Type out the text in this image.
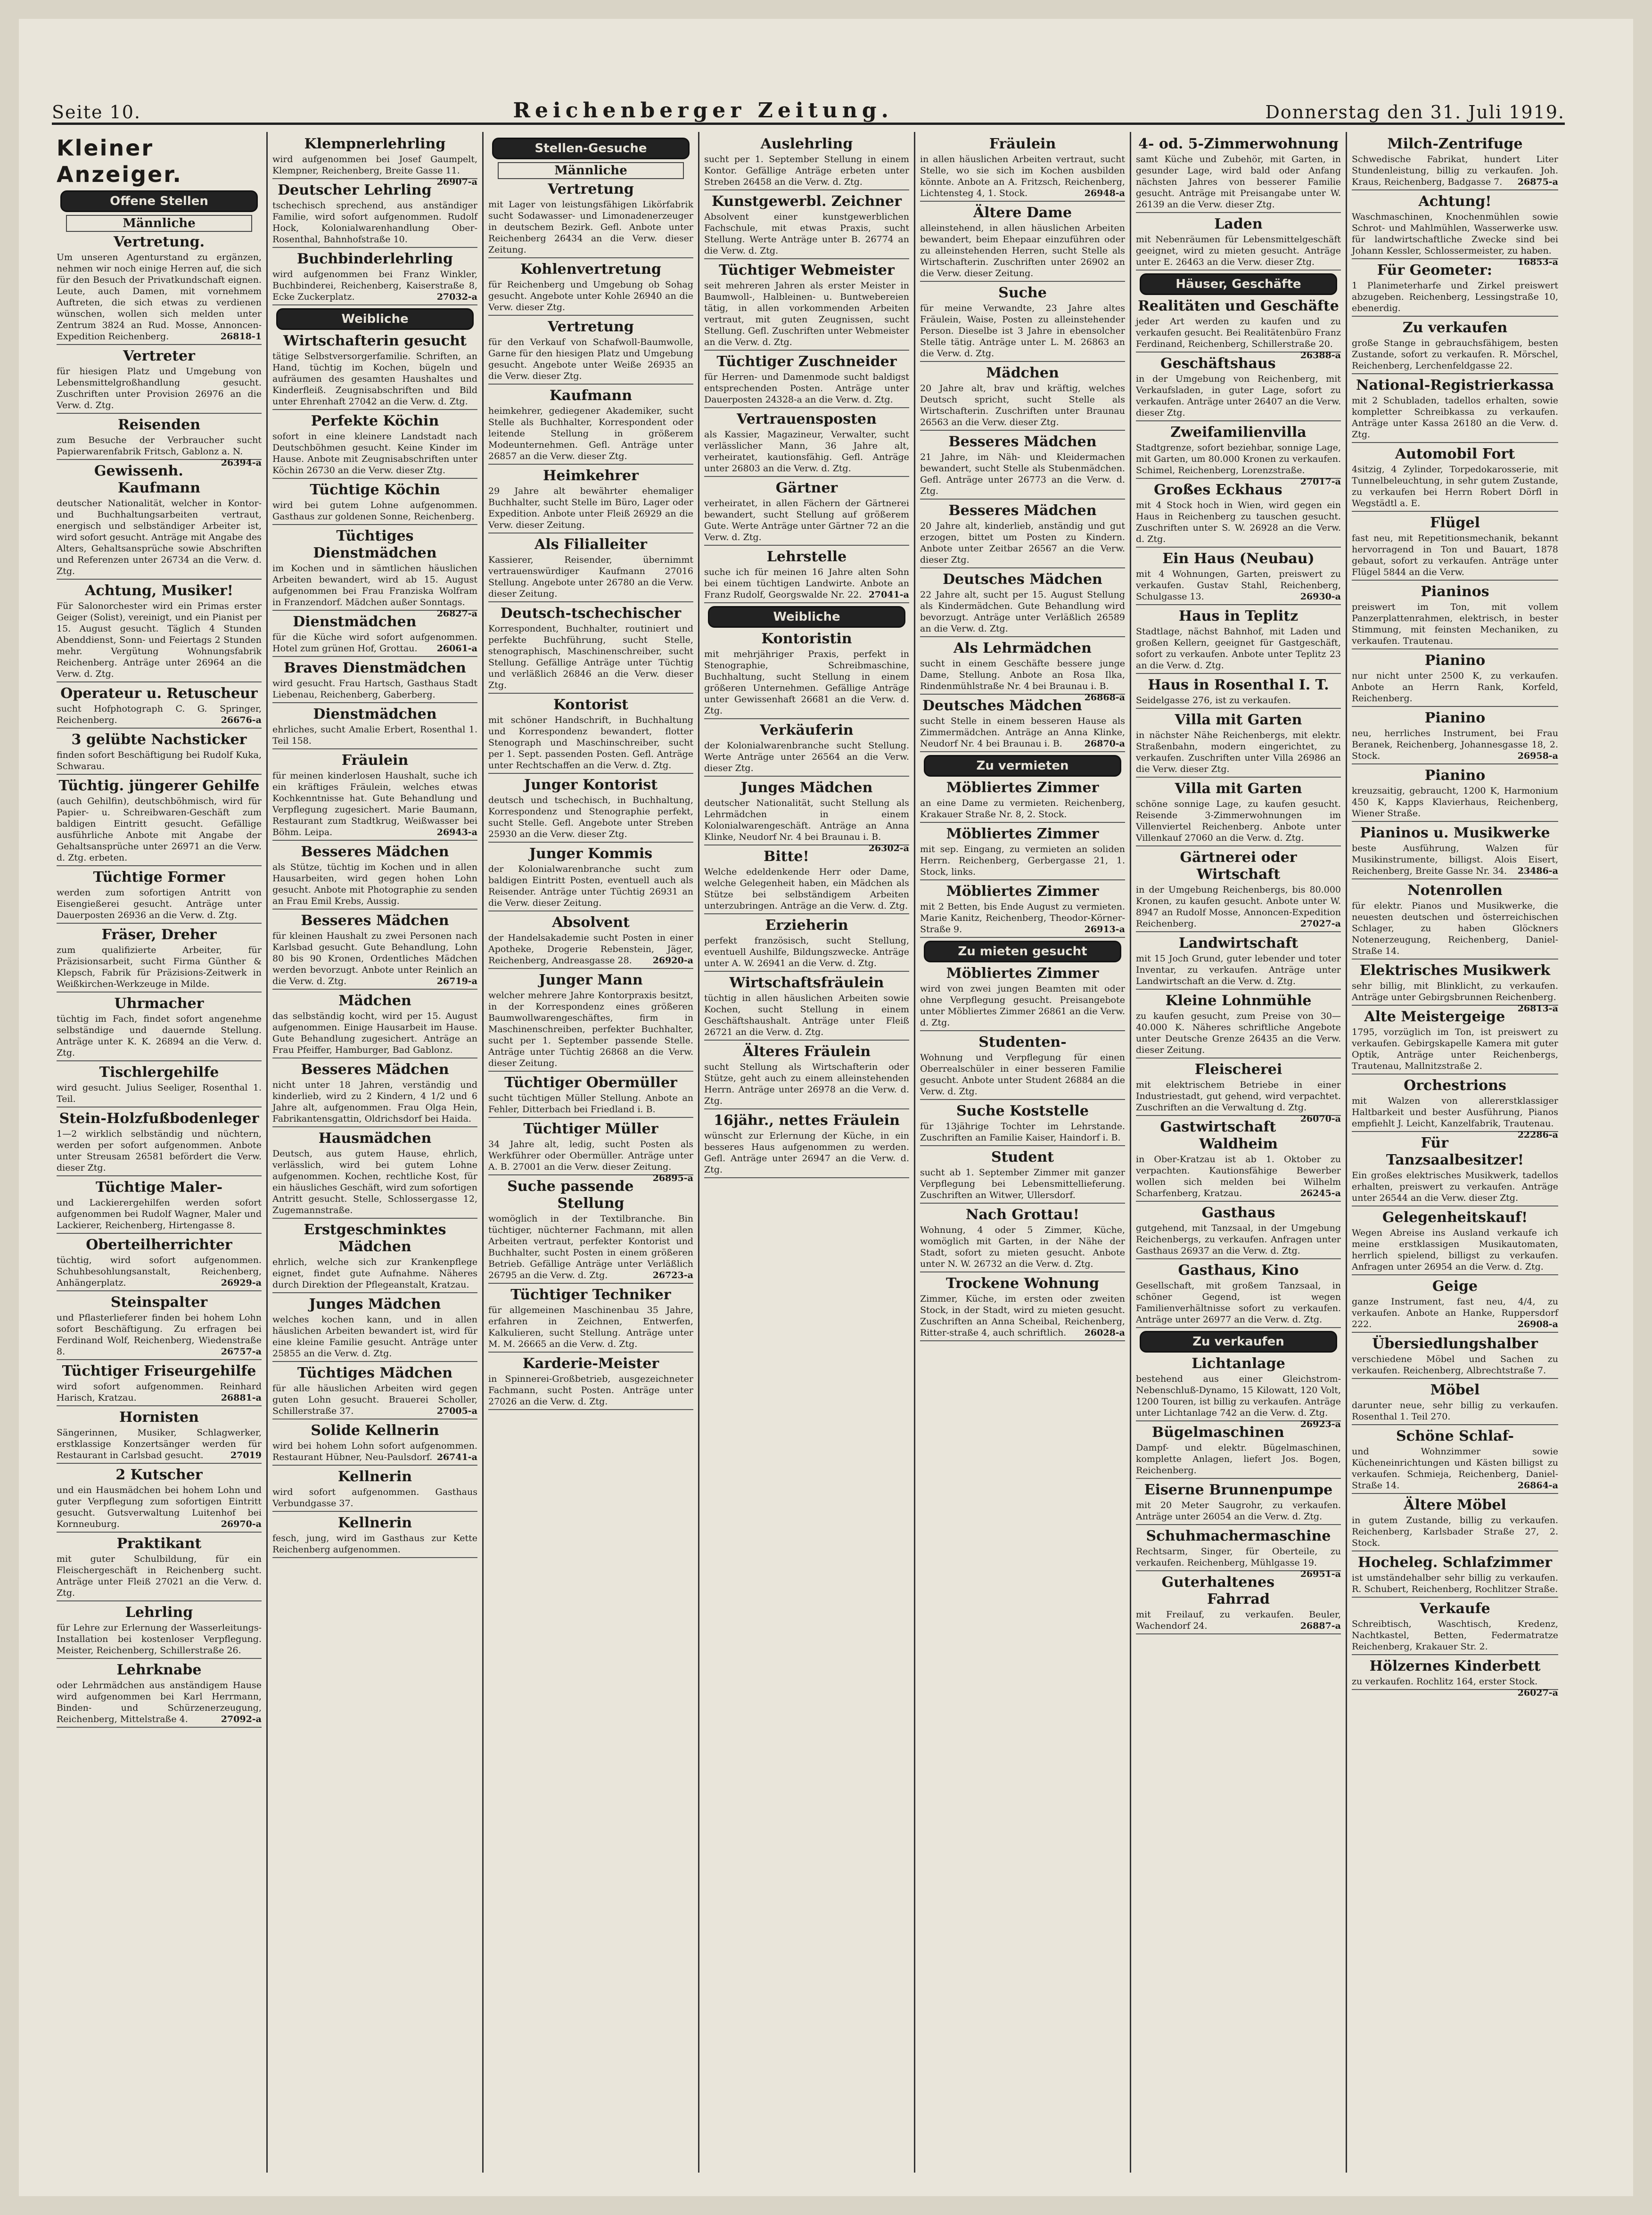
Seite 10.	Reichenberger Zeitung.	Donnerstag den 31. Juli 1919.
Kleiner Anzeiger.
Offene Stellen
Männliche
Vertretung.

Um unseren Agenturstand zu ergänzen, nehmen wir noch einige Herren auf, die sich für den Besuch der Privatkundschaft eignen. Leute, auch Damen, mit vornehmem Auftreten, die sich etwas zu verdienen wünschen, wollen sich melden unter Zentrum 3824 an Rud. Mosse, Annoncen-Expedition Reichenberg.	26818-1

Vertreter

für hiesigen Platz und Umgebung von Lebensmittelgroßhandlung gesucht. Zuschriften unter Provision 26976 an die Verw. d. Ztg.

Reisenden

zum Besuche der Verbraucher sucht Papierwarenfabrik Fritsch, Gablonz a. N.
26394-a

Gewissenh. Kaufmann

deutscher Nationalität, welcher in Kontor- und Buchhaltungsarbeiten vertraut, energisch und selbständiger Arbeiter ist, wird sofort gesucht. Anträge mit Angabe des Alters, Gehaltsansprüche sowie Abschriften und Referenzen unter 26734 an die Verw. d. Ztg.

Achtung, Musiker!

Für Salonorchester wird ein Primas erster Geiger (Solist), vereinigt, und ein Pianist per 15. August gesucht. Täglich 4 Stunden Abenddienst, Sonn- und Feiertags 2 Stunden mehr. Vergütung Wohnungsfabrik Reichenberg. Anträge unter 26964 an die Verw. d. Ztg.

Operateur u. Retuscheur

sucht Hofphotograph C. G. Springer, Reichenberg.	26676-a

3 gelübte Nachsticker

finden sofort Beschäftigung bei Rudolf Kuka, Schwarau.

Tüchtig. jüngerer Gehilfe

(auch Gehilfin), deutschböhmisch, wird für Papier- u. Schreibwaren-Geschäft zum baldigen Eintritt gesucht. Gefällige ausführliche Anbote mit Angabe der Gehaltsansprüche unter 26971 an die Verw. d. Ztg. erbeten.

Tüchtige Former

werden zum sofortigen Antritt von Eisengießerei gesucht. Anträge unter Dauerposten 26936 an die Verw. d. Ztg.

Fräser, Dreher

zum qualifizierte Arbeiter, für Präzisionsarbeit, sucht Firma Günther & Klepsch, Fabrik für Präzisions-Zeitwerk in Weißkirchen-Werkzeuge in Milde.

Uhrmacher

tüchtig im Fach, findet sofort angenehme selbständige und dauernde Stellung. Anträge unter K. K. 26894 an die Verw. d. Ztg.

Tischlergehilfe

wird gesucht. Julius Seeliger, Rosenthal 1. Teil.

Stein-Holzfußbodenleger

1—2 wirklich selbständig und nüchtern, werden per sofort aufgenommen. Anbote unter Streusam 26581 befördert die Verw. dieser Ztg.

Tüchtige Maler-

und Lackierergehilfen werden sofort aufgenommen bei Rudolf Wagner, Maler und Lackierer, Reichenberg, Hirtengasse 8.

Oberteilherrichter

tüchtig, wird sofort aufgenommen. Schuhbesohlungsanstalt, Reichenberg, Anhängerplatz.	26929-a

Steinspalter

und Pflasterlieferer finden bei hohem Lohn sofort Beschäftigung. Zu erfragen bei Ferdinand Wolf, Reichenberg, Wiedenstraße 8.	26757-a

Tüchtiger Friseurgehilfe

wird sofort aufgenommen. Reinhard Harisch, Kratzau.	26881-a

Hornisten

Sängerinnen, Musiker, Schlagwerker, erstklassige Konzertsänger werden für Restaurant in Carlsbad gesucht.	27019

2 Kutscher

und ein Hausmädchen bei hohem Lohn und guter Verpflegung zum sofortigen Eintritt gesucht. Gutsverwaltung Luitenhof bei Kornneuburg.	26970-a

Praktikant

mit guter Schulbildung, für ein Fleischergeschäft in Reichenberg sucht. Anträge unter Fleiß 27021 an die Verw. d. Ztg.

Lehrling

für Lehre zur Erlernung der Wasserleitungs-Installation bei kostenloser Verpflegung. Meister, Reichenberg, Schillerstraße 26.

Lehrknabe

oder Lehrmädchen aus anständigem Hause wird aufgenommen bei Karl Herrmann, Binden- und Schürzenerzeugung, Reichenberg, Mittelstraße 4.	27092-a

Klempnerlehrling

wird aufgenommen bei Josef Gaumpelt, Klempner, Reichenberg, Breite Gasse 11.
26907-a

Deutscher Lehrling

tschechisch sprechend, aus anständiger Familie, wird sofort aufgenommen. Rudolf Hock, Kolonialwarenhandlung Ober-Rosenthal, Bahnhofstraße 10.

Buchbinderlehrling

wird aufgenommen bei Franz Winkler, Buchbinderei, Reichenberg, Kaiserstraße 8, Ecke Zuckerplatz.	27032-a

Weibliche
Wirtschafterin gesucht

tätige Selbstversorgerfamilie. Schriften, an Hand, tüchtig im Kochen, bügeln und aufräumen des gesamten Haushaltes und Kinderfleiß. Zeugnisabschriften und Bild unter Ehrenhaft 27042 an die Verw. d. Ztg.

Perfekte Köchin

sofort in eine kleinere Landstadt nach Deutschböhmen gesucht. Keine Kinder im Hause. Anbote mit Zeugnisabschriften unter Köchin 26730 an die Verw. dieser Ztg.

Tüchtige Köchin

wird bei gutem Lohne aufgenommen. Gasthaus zur goldenen Sonne, Reichenberg.

Tüchtiges Dienstmädchen

im Kochen und in sämtlichen häuslichen Arbeiten bewandert, wird ab 15. August aufgenommen bei Frau Franziska Wolfram in Franzendorf. Mädchen außer Sonntags.
26827-a

Dienstmädchen

für die Küche wird sofort aufgenommen. Hotel zum grünen Hof, Grottau. 26061-a

Braves Dienstmädchen

wird gesucht. Frau Hartsch, Gasthaus Stadt Liebenau, Reichenberg, Gaberberg.

Dienstmädchen

ehrliches, sucht Amalie Erbert, Rosenthal 1. Teil 158.

Fräulein

für meinen kinderlosen Haushalt, suche ich ein kräftiges Fräulein, welches etwas Kochkenntnisse hat. Gute Behandlung und Verpflegung zugesichert. Marie Baumann, Restaurant zum Stadtkrug, Weißwasser bei Böhm. Leipa.	26943-a

Besseres Mädchen

als Stütze, tüchtig im Kochen und in allen Hausarbeiten, wird gegen hohen Lohn gesucht. Anbote mit Photographie zu senden an Frau Emil Krebs, Aussig.

Besseres Mädchen

für kleinen Haushalt zu zwei Personen nach Karlsbad gesucht. Gute Behandlung, Lohn 80 bis 90 Kronen, Ordentliches Mädchen werden bevorzugt. Anbote unter Reinlich an die Verw. d. Ztg.	26719-a

Mädchen

das selbständig kocht, wird per 15. August aufgenommen. Einige Hausarbeit im Hause. Gute Behandlung zugesichert. Anträge an Frau Pfeiffer, Hamburger, Bad Gablonz.

Besseres Mädchen

nicht unter 18 Jahren, verständig und kinderlieb, wird zu 2 Kindern, 4 1/2 und 6 Jahre alt, aufgenommen. Frau Olga Hein, Fabrikantensgattin, Oldrichsdorf bei Haida.

Hausmädchen

Deutsch, aus gutem Hause, ehrlich, verlässlich, wird bei gutem Lohne aufgenommen. Kochen, rechtliche Kost, für ein häusliches Geschäft, wird zum sofortigen Antritt gesucht. Stelle, Schlossergasse 12, Zugemannstraße.

Erstgeschminktes Mädchen

ehrlich, welche sich zur Krankenpflege eignet, findet gute Aufnahme. Näheres durch Direktion der Pflegeanstalt, Kratzau.

Junges Mädchen

welches kochen kann, und in allen häuslichen Arbeiten bewandert ist, wird für eine kleine Familie gesucht. Anträge unter 25855 an die Verw. d. Ztg.

Tüchtiges Mädchen

für alle häuslichen Arbeiten wird gegen guten Lohn gesucht. Brauerei Scholler, Schillerstraße 37.	27005-a

Solide Kellnerin

wird bei hohem Lohn sofort aufgenommen. Restaurant Hübner, Neu-Paulsdorf. 26741-a

Kellnerin

wird sofort aufgenommen. Gasthaus Verbundgasse 37.

Kellnerin

fesch, jung, wird im Gasthaus zur Kette Reichenberg aufgenommen.

Stellen-Gesuche
Männliche
Vertretung

mit Lager von leistungsfähigen Likörfabrik sucht Sodawasser- und Limonadenerzeuger in deutschem Bezirk. Gefl. Anbote unter Reichenberg 26434 an die Verw. dieser Zeitung.

Kohlenvertretung

für Reichenberg und Umgebung ob Sohag gesucht. Angebote unter Kohle 26940 an die Verw. dieser Ztg.

Vertretung

für den Verkauf von Schafwoll-Baumwolle, Garne für den hiesigen Platz und Umgebung gesucht. Angebote unter Weiße 26935 an die Verw. dieser Ztg.

Kaufmann

heimkehrer, gediegener Akademiker, sucht Stelle als Buchhalter, Korrespondent oder leitende Stellung in größerem Modeunternehmen. Gefl. Anträge unter 26857 an die Verw. dieser Ztg.

Heimkehrer

29 Jahre alt bewährter ehemaliger Buchhalter, sucht Stelle im Büro, Lager oder Expedition. Anbote unter Fleiß 26929 an die Verw. dieser Zeitung.

Als Filialleiter

Kassierer, Reisender, übernimmt vertrauenswürdiger Kaufmann 27016 Stellung. Angebote unter 26780 an die Verw. dieser Zeitung.

Deutsch-tschechischer

Korrespondent, Buchhalter, routiniert und perfekte Buchführung, sucht Stelle, stenographisch, Maschinenschreiber, sucht Stellung. Gefällige Anträge unter Tüchtig und verläßlich 26846 an die Verw. dieser Ztg.

Kontorist

mit schöner Handschrift, in Buchhaltung und Korrespondenz bewandert, flotter Stenograph und Maschinschreiber, sucht per 1. Sept. passenden Posten. Gefl. Anträge unter Rechtschaffen an die Verw. d. Ztg.

Junger Kontorist

deutsch und tschechisch, in Buchhaltung, Korrespondenz und Stenographie perfekt, sucht Stelle. Gefl. Angebote unter Streben 25930 an die Verw. dieser Ztg.

Junger Kommis

der Kolonialwarenbranche sucht zum baldigen Eintritt Posten, eventuell auch als Reisender. Anträge unter Tüchtig 26931 an die Verw. dieser Zeitung.

Absolvent

der Handelsakademie sucht Posten in einer Apotheke, Drogerie Rebenstein, Jäger, Reichenberg, Andreasgasse 28. 26920-a

Junger Mann

welcher mehrere Jahre Kontorpraxis besitzt, in der Korrespondenz eines größeren Baumwollwarengeschäftes, firm in Maschinenschreiben, perfekter Buchhalter, sucht per 1. September passende Stelle. Anträge unter Tüchtig 26868 an die Verw. dieser Zeitung.

Tüchtiger Obermüller

sucht tüchtigen Müller Stellung. Anbote an Fehler, Ditterbach bei Friedland i. B.

Tüchtiger Müller

34 Jahre alt, ledig, sucht Posten als Werkführer oder Obermüller. Anträge unter A. B. 27001 an die Verw. dieser Zeitung.
26895-a

Suche passende Stellung

womöglich in der Textilbranche. Bin tüchtiger, nüchterner Fachmann, mit allen Arbeiten vertraut, perfekter Kontorist und Buchhalter, sucht Posten in einem größeren Betrieb. Gefällige Anträge unter Verläßlich 26795 an die Verw. d. Ztg.	26723-a

Tüchtiger Techniker

für allgemeinen Maschinenbau 35 Jahre, erfahren in Zeichnen, Entwerfen, Kalkulieren, sucht Stellung. Anträge unter M. M. 26665 an die Verw. d. Ztg.

Karderie-Meister

in Spinnerei-Großbetrieb, ausgezeichneter Fachmann, sucht Posten. Anträge unter 27026 an die Verw. d. Ztg.

Auslehrling

sucht per 1. September Stellung in einem Kontor. Gefällige Anträge erbeten unter Streben 26458 an die Verw. d. Ztg.

Kunstgewerbl. Zeichner

Absolvent einer kunstgewerblichen Fachschule, mit etwas Praxis, sucht Stellung. Werte Anträge unter B. 26774 an die Verw. d. Ztg.

Tüchtiger Webmeister

seit mehreren Jahren als erster Meister in Baumwoll-, Halbleinen- u. Buntwebereien tätig, in allen vorkommenden Arbeiten vertraut, mit guten Zeugnissen, sucht Stellung. Gefl. Zuschriften unter Webmeister an die Verw. d. Ztg.

Tüchtiger Zuschneider

für Herren- und Damenmode sucht baldigst entsprechenden Posten. Anträge unter Dauerposten 24328-a an die Verw. d. Ztg.

Vertrauensposten

als Kassier, Magazineur, Verwalter, sucht verlässlicher Mann, 36 Jahre alt, verheiratet, kautionsfähig. Gefl. Anträge unter 26803 an die Verw. d. Ztg.

Gärtner

verheiratet, in allen Fächern der Gärtnerei bewandert, sucht Stellung auf größerem Gute. Werte Anträge unter Gärtner 72 an die Verw. d. Ztg.

Lehrstelle

suche ich für meinen 16 Jahre alten Sohn bei einem tüchtigen Landwirte. Anbote an Franz Rudolf, Georgswalde Nr. 22. 27041-a

Weibliche
Kontoristin

mit mehrjähriger Praxis, perfekt in Stenographie, Schreibmaschine, Buchhaltung, sucht Stellung in einem größeren Unternehmen. Gefällige Anträge unter Gewissenhaft 26681 an die Verw. d. Ztg.

Verkäuferin

der Kolonialwarenbranche sucht Stellung. Werte Anträge unter 26564 an die Verw. dieser Ztg.

Junges Mädchen

deutscher Nationalität, sucht Stellung als Lehrmädchen in einem Kolonialwarengeschäft. Anträge an Anna Klinke, Neudorf Nr. 4 bei Braunau i. B.
26302-a

Bitte!

Welche edeldenkende Herr oder Dame, welche Gelegenheit haben, ein Mädchen als Stütze bei selbständigem Arbeiten unterzubringen. Anträge an die Verw. d. Ztg.

Erzieherin

perfekt französisch, sucht Stellung, eventuell Aushilfe, Bildungszwecke. Anträge unter A. W. 26941 an die Verw. d. Ztg.

Wirtschaftsfräulein

tüchtig in allen häuslichen Arbeiten sowie Kochen, sucht Stellung in einem Geschäftshaushalt. Anträge unter Fleiß 26721 an die Verw. d. Ztg.

Älteres Fräulein

sucht Stellung als Wirtschafterin oder Stütze, geht auch zu einem alleinstehenden Herrn. Anträge unter 26978 an die Verw. d. Ztg.

16jähr., nettes Fräulein

wünscht zur Erlernung der Küche, in ein besseres Haus aufgenommen zu werden. Gefl. Anträge unter 26947 an die Verw. d. Ztg.

Fräulein

in allen häuslichen Arbeiten vertraut, sucht Stelle, wo sie sich im Kochen ausbilden könnte. Anbote an A. Fritzsch, Reichenberg, Lichtensteg 4, 1. Stock.	26948-a

Ältere Dame

alleinstehend, in allen häuslichen Arbeiten bewandert, beim Ehepaar einzuführen oder zu alleinstehenden Herren, sucht Stelle als Wirtschafterin. Zuschriften unter 26902 an die Verw. dieser Zeitung.

Suche

für meine Verwandte, 23 Jahre altes Fräulein, Waise, Posten zu alleinstehender Person. Dieselbe ist 3 Jahre in ebensolcher Stelle tätig. Anträge unter L. M. 26863 an die Verw. d. Ztg.

Mädchen

20 Jahre alt, brav und kräftig, welches Deutsch spricht, sucht Stelle als Wirtschafterin. Zuschriften unter Braunau 26563 an die Verw. dieser Ztg.

Besseres Mädchen

21 Jahre, im Näh- und Kleidermachen bewandert, sucht Stelle als Stubenmädchen. Gefl. Anträge unter 26773 an die Verw. d. Ztg.

Besseres Mädchen

20 Jahre alt, kinderlieb, anständig und gut erzogen, bittet um Posten zu Kindern. Anbote unter Zeitbar 26567 an die Verw. dieser Ztg.

Deutsches Mädchen

22 Jahre alt, sucht per 15. August Stellung als Kindermädchen. Gute Behandlung wird bevorzugt. Anträge unter Verläßlich 26589 an die Verw. d. Ztg.

Als Lehrmädchen

sucht in einem Geschäfte bessere junge Dame, Stellung. Anbote an Rosa Ilka, Rindenmühlstraße Nr. 4 bei Braunau i. B.
26868-a

Deutsches Mädchen

sucht Stelle in einem besseren Hause als Zimmermädchen. Anträge an Anna Klinke, Neudorf Nr. 4 bei Braunau i. B. 26870-a

Zu vermieten
Möbliertes Zimmer

an eine Dame zu vermieten. Reichenberg, Krakauer Straße Nr. 8, 2. Stock.

Möbliertes Zimmer

mit sep. Eingang, zu vermieten an soliden Herrn. Reichenberg, Gerbergasse 21, 1. Stock, links.

Möbliertes Zimmer

mit 2 Betten, bis Ende August zu vermieten. Marie Kanitz, Reichenberg, Theodor-Körner-Straße 9.	26913-a

Zu mieten gesucht
Möbliertes Zimmer

wird von zwei jungen Beamten mit oder ohne Verpflegung gesucht. Preisangebote unter Möbliertes Zimmer 26861 an die Verw. d. Ztg.

Studenten-

Wohnung und Verpflegung für einen Oberrealschüler in einer besseren Familie gesucht. Anbote unter Student 26884 an die Verw. d. Ztg.

Suche Koststelle

für 13jährige Tochter im Lehrstande. Zuschriften an Familie Kaiser, Haindorf i. B.

Student

sucht ab 1. September Zimmer mit ganzer Verpflegung bei Lebensmittellieferung. Zuschriften an Witwer, Ullersdorf.

Nach Grottau!

Wohnung, 4 oder 5 Zimmer, Küche, womöglich mit Garten, in der Nähe der Stadt, sofort zu mieten gesucht. Anbote unter N. W. 26732 an die Verw. d. Ztg.

Trockene Wohnung

Zimmer, Küche, im ersten oder zweiten Stock, in der Stadt, wird zu mieten gesucht. Zuschriften an Anna Scheibal, Reichenberg, Ritter-straße 4, auch schriftlich. 26028-a

4- od. 5-Zimmerwohnung

samt Küche und Zubehör, mit Garten, in gesunder Lage, wird bald oder Anfang nächsten Jahres von besserer Familie gesucht. Anträge mit Preisangabe unter W. 26139 an die Verw. dieser Ztg.

Laden

mit Nebenräumen für Lebensmittelgeschäft geeignet, wird zu mieten gesucht. Anträge unter E. 26463 an die Verw. dieser Ztg.

Häuser, Geschäfte
Realitäten und Geschäfte

jeder Art werden zu kaufen und zu verkaufen gesucht. Bei Realitätenbüro Franz Ferdinand, Reichenberg, Schillerstraße 20.
26388-a

Geschäftshaus

in der Umgebung von Reichenberg, mit Verkaufsladen, in guter Lage, sofort zu verkaufen. Anträge unter 26407 an die Verw. dieser Ztg.

Zweifamilienvilla

Stadtgrenze, sofort beziehbar, sonnige Lage, mit Garten, um 80.000 Kronen zu verkaufen. Schimel, Reichenberg, Lorenzstraße.
27017-a

Großes Eckhaus

mit 4 Stock hoch in Wien, wird gegen ein Haus in Reichenberg zu tauschen gesucht. Zuschriften unter S. W. 26928 an die Verw. d. Ztg.

Ein Haus (Neubau)

mit 4 Wohnungen, Garten, preiswert zu verkaufen. Gustav Stahl, Reichenberg, Schulgasse 13.	26930-a

Haus in Teplitz

Stadtlage, nächst Bahnhof, mit Laden und großen Kellern, geeignet für Gastgeschäft, sofort zu verkaufen. Anbote unter Teplitz 23 an die Verw. d. Ztg.

Haus in Rosenthal I. T.

Seidelgasse 276, ist zu verkaufen.

Villa mit Garten

in nächster Nähe Reichenbergs, mit elektr. Straßenbahn, modern eingerichtet, zu verkaufen. Zuschriften unter Villa 26986 an die Verw. dieser Ztg.

Villa mit Garten

schöne sonnige Lage, zu kaufen gesucht. Reisende 3-Zimmerwohnungen im Villenviertel Reichenberg. Anbote unter Villenkauf 27060 an die Verw. d. Ztg.

Gärtnerei oder Wirtschaft

in der Umgebung Reichenbergs, bis 80.000 Kronen, zu kaufen gesucht. Anbote unter W. 8947 an Rudolf Mosse, Annoncen-Expedition Reichenberg.	27027-a

Landwirtschaft

mit 15 Joch Grund, guter lebender und toter Inventar, zu verkaufen. Anträge unter Landwirtschaft an die Verw. d. Ztg.

Kleine Lohnmühle

zu kaufen gesucht, zum Preise von 30—40.000 K. Näheres schriftliche Angebote unter Deutsche Grenze 26435 an die Verw. dieser Zeitung.

Fleischerei

mit elektrischem Betriebe in einer Industriestadt, gut gehend, wird verpachtet. Zuschriften an die Verwaltung d. Ztg.
26070-a

Gastwirtschaft Waldheim

in Ober-Kratzau ist ab 1. Oktober zu verpachten. Kautionsfähige Bewerber wollen sich melden bei Wilhelm Scharfenberg, Kratzau.	26245-a

Gasthaus

gutgehend, mit Tanzsaal, in der Umgebung Reichenbergs, zu verkaufen. Anfragen unter Gasthaus 26937 an die Verw. d. Ztg.

Gasthaus, Kino

Gesellschaft, mit großem Tanzsaal, in schöner Gegend, ist wegen Familienverhältnisse sofort zu verkaufen. Anträge unter 26977 an die Verw. d. Ztg.

Zu verkaufen
Lichtanlage

bestehend aus einer Gleichstrom-Nebenschluß-Dynamo, 15 Kilowatt, 120 Volt, 1200 Touren, ist billig zu verkaufen. Anträge unter Lichtanlage 742 an die Verw. d. Ztg.
26923-a

Bügelmaschinen

Dampf- und elektr. Bügelmaschinen, komplette Anlagen, liefert Jos. Bogen, Reichenberg.

Eiserne Brunnenpumpe

mit 20 Meter Saugrohr, zu verkaufen. Anträge unter 26054 an die Verw. d. Ztg.

Schuhmachermaschine

Rechtsarm, Singer, für Oberteile, zu verkaufen. Reichenberg, Mühlgasse 19.
26951-a

Guterhaltenes Fahrrad

mit Freilauf, zu verkaufen. Beuler, Wachendorf 24.	26887-a

Milch-Zentrifuge

Schwedische Fabrikat, hundert Liter Stundenleistung, billig zu verkaufen. Joh. Kraus, Reichenberg, Badgasse 7. 26875-a

Achtung!

Waschmaschinen, Knochenmühlen sowie Schrot- und Mahlmühlen, Wasserwerke usw. für landwirtschaftliche Zwecke sind bei Johann Kessler, Schlossermeister, zu haben.
16853-a

Für Geometer:

1 Planimeterharfe und Zirkel preiswert abzugeben. Reichenberg, Lessingstraße 10, ebenerdig.

Zu verkaufen

große Stange in gebrauchsfähigem, besten Zustande, sofort zu verkaufen. R. Mörschel, Reichenberg, Lerchenfeldgasse 22.

National-Registrierkassa

mit 2 Schubladen, tadellos erhalten, sowie kompletter Schreibkassa zu verkaufen. Anträge unter Kassa 26180 an die Verw. d. Ztg.

Automobil Fort

4sitzig, 4 Zylinder, Torpedokarosserie, mit Tunnelbeleuchtung, in sehr gutem Zustande, zu verkaufen bei Herrn Robert Dörfl in Wegstädtl a. E.

Flügel

fast neu, mit Repetitionsmechanik, bekannt hervorragend in Ton und Bauart, 1878 gebaut, sofort zu verkaufen. Anträge unter Flügel 5844 an die Verw.

Pianinos

preiswert im Ton, mit vollem Panzerplattenrahmen, elektrisch, in bester Stimmung, mit feinsten Mechaniken, zu verkaufen. Trautenau.

Pianino

nur nicht unter 2500 K, zu verkaufen. Anbote an Herrn Rank, Korfeld, Reichenberg.

Pianino

neu, herrliches Instrument, bei Frau Beranek, Reichenberg, Johannesgasse 18, 2. Stock.	26958-a

Pianino

kreuzsaitig, gebraucht, 1200 K, Harmonium 450 K, Kapps Klavierhaus, Reichenberg, Wiener Straße.

Pianinos u. Musikwerke

beste Ausführung, Walzen für Musikinstrumente, billigst. Alois Eisert, Reichenberg, Breite Gasse Nr. 34. 23486-a

Notenrollen

für elektr. Pianos und Musikwerke, die neuesten deutschen und österreichischen Schlager, zu haben Glöckners Notenerzeugung, Reichenberg, Daniel-Straße 14.

Elektrisches Musikwerk

sehr billig, mit Blinklicht, zu verkaufen. Anträge unter Gebirgsbrunnen Reichenberg.
26813-a

Alte Meistergeige

1795, vorzüglich im Ton, ist preiswert zu verkaufen. Gebirgskapelle Kamera mit guter Optik, Anträge unter Reichenbergs, Trautenau, Mallnitzstraße 2.

Orchestrions

mit Walzen von allererstklassiger Haltbarkeit und bester Ausführung, Pianos empfiehlt J. Leicht, Kanzelfabrik, Trautenau.
22286-a

Für Tanzsaalbesitzer!

Ein großes elektrisches Musikwerk, tadellos erhalten, preiswert zu verkaufen. Anträge unter 26544 an die Verw. dieser Ztg.

Gelegenheitskauf!

Wegen Abreise ins Ausland verkaufe ich meine erstklassigen Musikautomaten, herrlich spielend, billigst zu verkaufen. Anfragen unter 26954 an die Verw. d. Ztg.

Geige

ganze Instrument, fast neu, 4/4, zu verkaufen. Anbote an Hanke, Ruppersdorf 222.	26908-a

Übersiedlungshalber

verschiedene Möbel und Sachen zu verkaufen. Reichenberg, Albrechtstraße 7.

Möbel

darunter neue, sehr billig zu verkaufen. Rosenthal 1. Teil 270.

Schöne Schlaf-

und Wohnzimmer sowie Kücheneinrichtungen und Kästen billigst zu verkaufen. Schmieja, Reichenberg, Daniel-Straße 14.	26864-a

Ältere Möbel

in gutem Zustande, billig zu verkaufen. Reichenberg, Karlsbader Straße 27, 2. Stock.

Hocheleg. Schlafzimmer

ist umständehalber sehr billig zu verkaufen. R. Schubert, Reichenberg, Rochlitzer Straße.

Verkaufe

Schreibtisch, Waschtisch, Kredenz, Nachtkastel, Betten, Federmatratze Reichenberg, Krakauer Str. 2.

Hölzernes Kinderbett

zu verkaufen. Rochlitz 164, erster Stock.
26027-a
